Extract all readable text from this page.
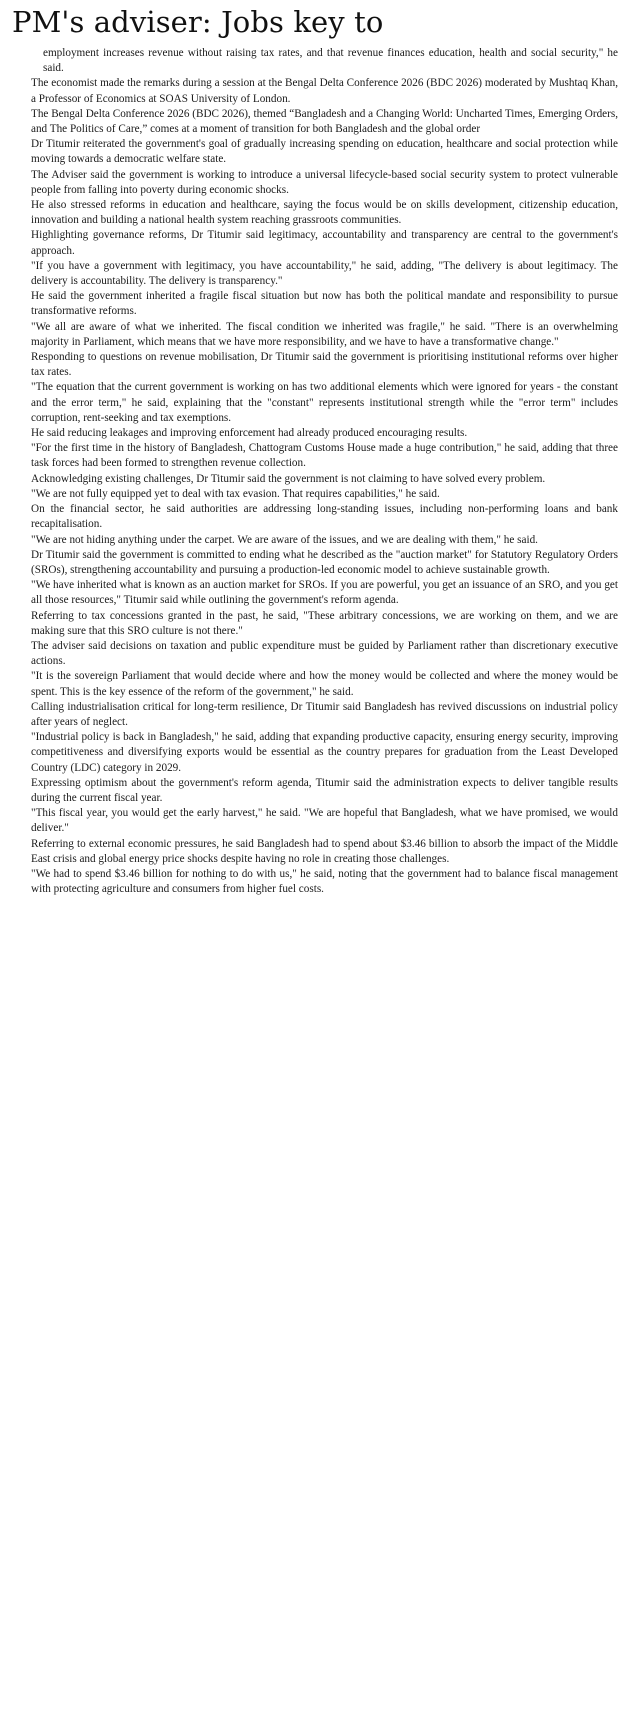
PM's adviser: Jobs key to

employment increases revenue without raising tax rates, and that revenue finances education, health and social security," he said.

The economist made the remarks during a session at the Bengal Delta Conference 2026 (BDC 2026) moderated by Mushtaq Khan, a Professor of Economics at SOAS University of London.

The Bengal Delta Conference 2026 (BDC 2026), themed “Bangladesh and a Changing World: Uncharted Times, Emerging Orders, and The Politics of Care,” comes at a moment of transition for both Bangladesh and the global order

Dr Titumir reiterated the government's goal of gradually increasing spending on education, healthcare and social protection while moving towards a democratic welfare state.

The Adviser said the government is working to introduce a universal lifecycle-based social security system to protect vulnerable people from falling into poverty during economic shocks.

He also stressed reforms in education and healthcare, saying the focus would be on skills development, citizenship education, innovation and building a national health system reaching grassroots communities.

Highlighting governance reforms, Dr Titumir said legitimacy, accountability and transparency are central to the government's approach.

"If you have a government with legitimacy, you have accountability," he said, adding, "The delivery is about legitimacy. The delivery is accountability. The delivery is transparency."

He said the government inherited a fragile fiscal situation but now has both the political mandate and responsibility to pursue transformative reforms.

"We all are aware of what we inherited. The fiscal condition we inherited was fragile," he said. "There is an overwhelming majority in Parliament, which means that we have more responsibility, and we have to have a transformative change."

Responding to questions on revenue mobilisation, Dr Titumir said the government is prioritising institutional reforms over higher tax rates.

"The equation that the current government is working on has two additional elements which were ignored for years - the constant and the error term," he said, explaining that the "constant" represents institutional strength while the "error term" includes corruption, rent-seeking and tax exemptions.

He said reducing leakages and improving enforcement had already produced encouraging results.

"For the first time in the history of Bangladesh, Chattogram Customs House made a huge contribution," he said, adding that three task forces had been formed to strengthen revenue collection.

Acknowledging existing challenges, Dr Titumir said the government is not claiming to have solved every problem.

"We are not fully equipped yet to deal with tax evasion. That requires capabilities," he said.

On the financial sector, he said authorities are addressing long-standing issues, including non-performing loans and bank recapitalisation.

"We are not hiding anything under the carpet. We are aware of the issues, and we are dealing with them," he said.

Dr Titumir said the government is committed to ending what he described as the "auction market" for Statutory Regulatory Orders (SROs), strengthening accountability and pursuing a production-led economic model to achieve sustainable growth.

"We have inherited what is known as an auction market for SROs. If you are powerful, you get an issuance of an SRO, and you get all those resources," Titumir said while outlining the government's reform agenda.

Referring to tax concessions granted in the past, he said, "These arbitrary concessions, we are working on them, and we are making sure that this SRO culture is not there."

The adviser said decisions on taxation and public expenditure must be guided by Parliament rather than discretionary executive actions.

"It is the sovereign Parliament that would decide where and how the money would be collected and where the money would be spent. This is the key essence of the reform of the government," he said.

Calling industrialisation critical for long-term resilience, Dr Titumir said Bangladesh has revived discussions on industrial policy after years of neglect.

"Industrial policy is back in Bangladesh," he said, adding that expanding productive capacity, ensuring energy security, improving competitiveness and diversifying exports would be essential as the country prepares for graduation from the Least Developed Country (LDC) category in 2029.

Expressing optimism about the government's reform agenda, Titumir said the administration expects to deliver tangible results during the current fiscal year.

"This fiscal year, you would get the early harvest," he said. "We are hopeful that Bangladesh, what we have promised, we would deliver."

Referring to external economic pressures, he said Bangladesh had to spend about $3.46 billion to absorb the impact of the Middle East crisis and global energy price shocks despite having no role in creating those challenges.

"We had to spend $3.46 billion for nothing to do with us," he said, noting that the government had to balance fiscal management with protecting agriculture and consumers from higher fuel costs.
